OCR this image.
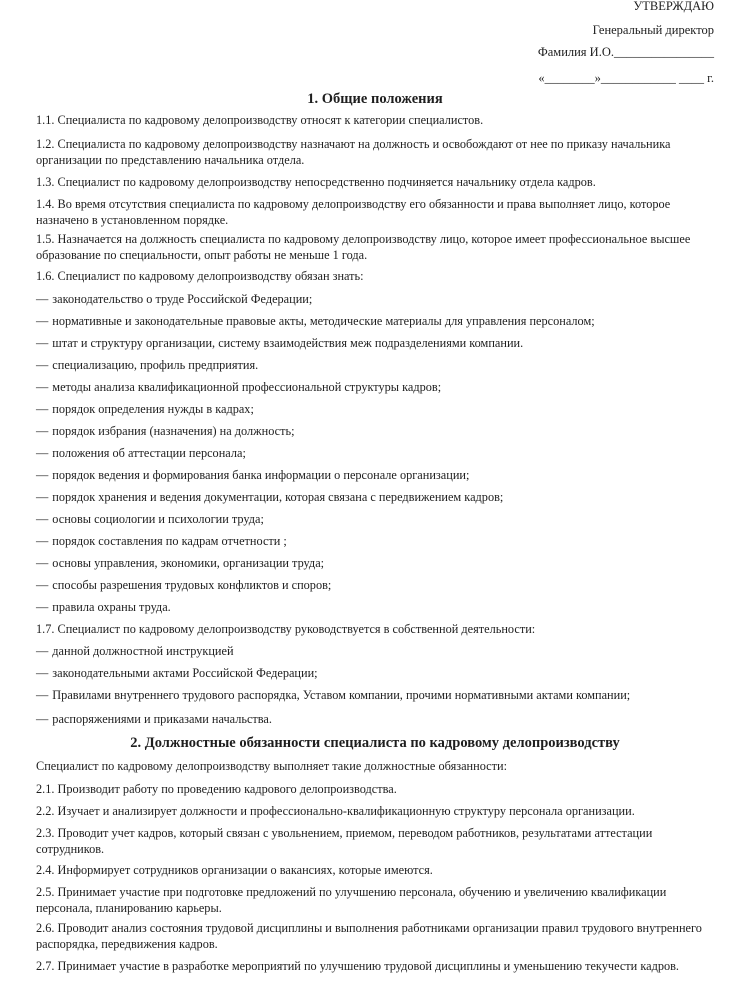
УТВЕРЖДАЮ
Генеральный директор
Фамилия И.О.________________
«________»____________ ____ г.
1. Общие положения
1.1. Специалиста по кадровому делопроизводству относят к категории специалистов.
1.2. Специалиста по кадровому делопроизводству назначают на должность и освобождают от нее по приказу начальника организации по представлению начальника отдела.
1.3. Специалист по кадровому делопроизводству непосредственно подчиняется начальнику отдела кадров.
1.4. Во время отсутствия специалиста по кадровому делопроизводству его обязанности и права выполняет лицо, которое назначено в установленном порядке.
1.5. Назначается на должность специалиста по кадровому делопроизводству лицо, которое имеет профессиональное высшее образование по специальности, опыт работы не меньше 1 года.
1.6. Специалист по кадровому делопроизводству обязан знать:
— законодательство о труде Российской Федерации;
— нормативные и законодательные правовые акты, методические материалы для управления персоналом;
— штат и структуру организации, систему взаимодействия меж подразделениями компании.
— специализацию, профиль предприятия.
— методы анализа квалификационной профессиональной структуры кадров;
— порядок определения нужды в кадрах;
— порядок избрания (назначения) на должность;
— положения об аттестации персонала;
— порядок ведения и формирования банка информации о персонале организации;
— порядок хранения и ведения документации, которая связана с передвижением кадров;
— основы социологии и психологии труда;
— порядок составления по кадрам отчетности ;
— основы управления, экономики, организации труда;
— способы разрешения трудовых конфликтов и споров;
— правила охраны труда.
1.7. Специалист по кадровому делопроизводству руководствуется в собственной деятельности:
— данной должностной инструкцией
— законодательными актами Российской Федерации;
— Правилами внутреннего трудового распорядка, Уставом компании, прочими нормативными актами компании;
— распоряжениями и приказами начальства.
2. Должностные обязанности специалиста по кадровому делопроизводству
Специалист по кадровому делопроизводству выполняет такие должностные обязанности:
2.1. Производит работу по проведению кадрового делопроизводства.
2.2. Изучает и анализирует должности и профессионально-квалификационную структуру персонала организации.
2.3. Проводит учет кадров, который связан с увольнением, приемом, переводом работников, результатами аттестации сотрудников.
2.4. Информирует сотрудников организации о вакансиях, которые имеются.
2.5. Принимает участие при подготовке предложений по улучшению персонала, обучению и увеличению квалификации персонала, планированию карьеры.
2.6. Проводит анализ состояния трудовой дисциплины и выполнения работниками организации правил трудового внутреннего распорядка, передвижения кадров.
2.7. Принимает участие в разработке мероприятий по улучшению трудовой дисциплины и уменьшению текучести кадров.
